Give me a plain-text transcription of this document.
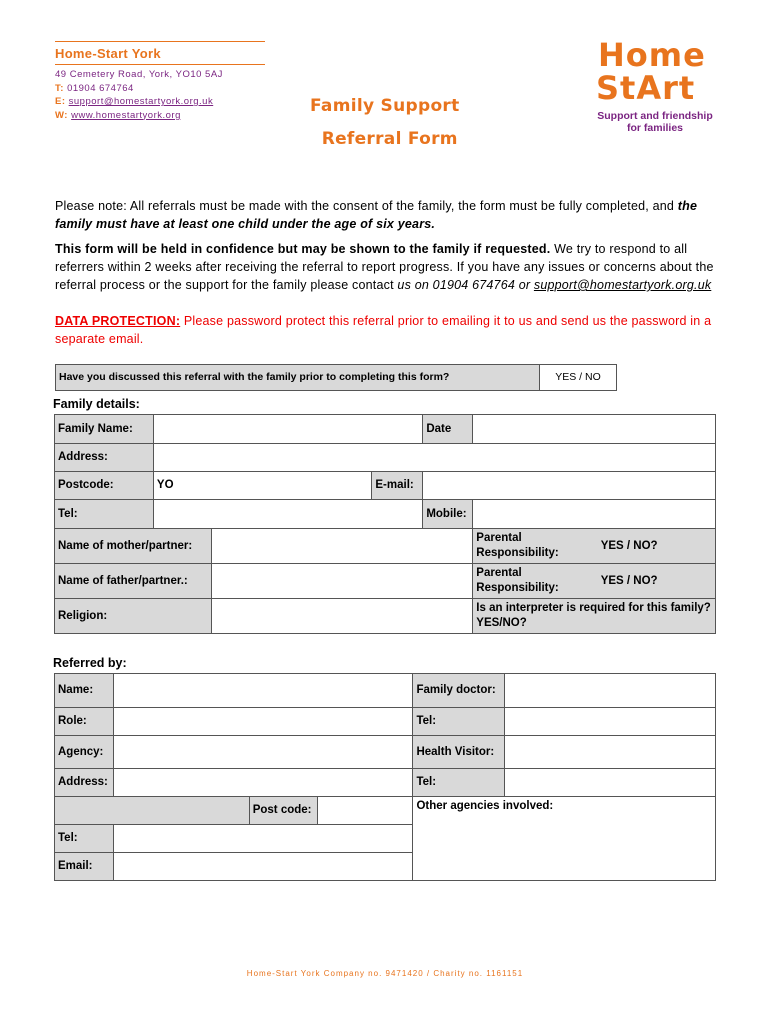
Home-Start York
49 Cemetery Road, York, YO10 5AJ
T: 01904 674764
E: support@homestartyork.org.uk
W: www.homestartyork.org	Family Support
Referral Form
Home
StArt
Support and friendship
for families
Please note: All referrals must be made with the consent of the family, the form must be fully completed, and the family must have at least one child under the age of six years.
This form will be held in confidence but may be shown to the family if requested. We try to respond to all referrers within 2 weeks after receiving the referral to report progress. If you have any issues or concerns about the referral process or the support for the family please contact us on 01904 674764 or support@homestartyork.org.uk
DATA PROTECTION: Please password protect this referral prior to emailing it to us and send us the password in a separate email.
Have you discussed this referral with the family prior to completing this form?	YES / NO
Family details:
Family Name:				Date		
Address:						
Postcode:	YO		E-mail:			
Tel:				Mobile:		
Name of mother/partner:					Parental Responsibility:	YES / NO?
Name of father/partner.:					Parental Responsibility:	YES / NO?
Religion:					Is an interpreter is required for this family? YES/NO?	
Referred by:
Name:				Family doctor:	
Role:				Tel:	
Agency:				Health Visitor:	
Address:				Tel:	
		Post code:		Other agencies involved:	
Tel:					
Email:					
Home-Start York Company no. 9471420 / Charity no. 1161151
